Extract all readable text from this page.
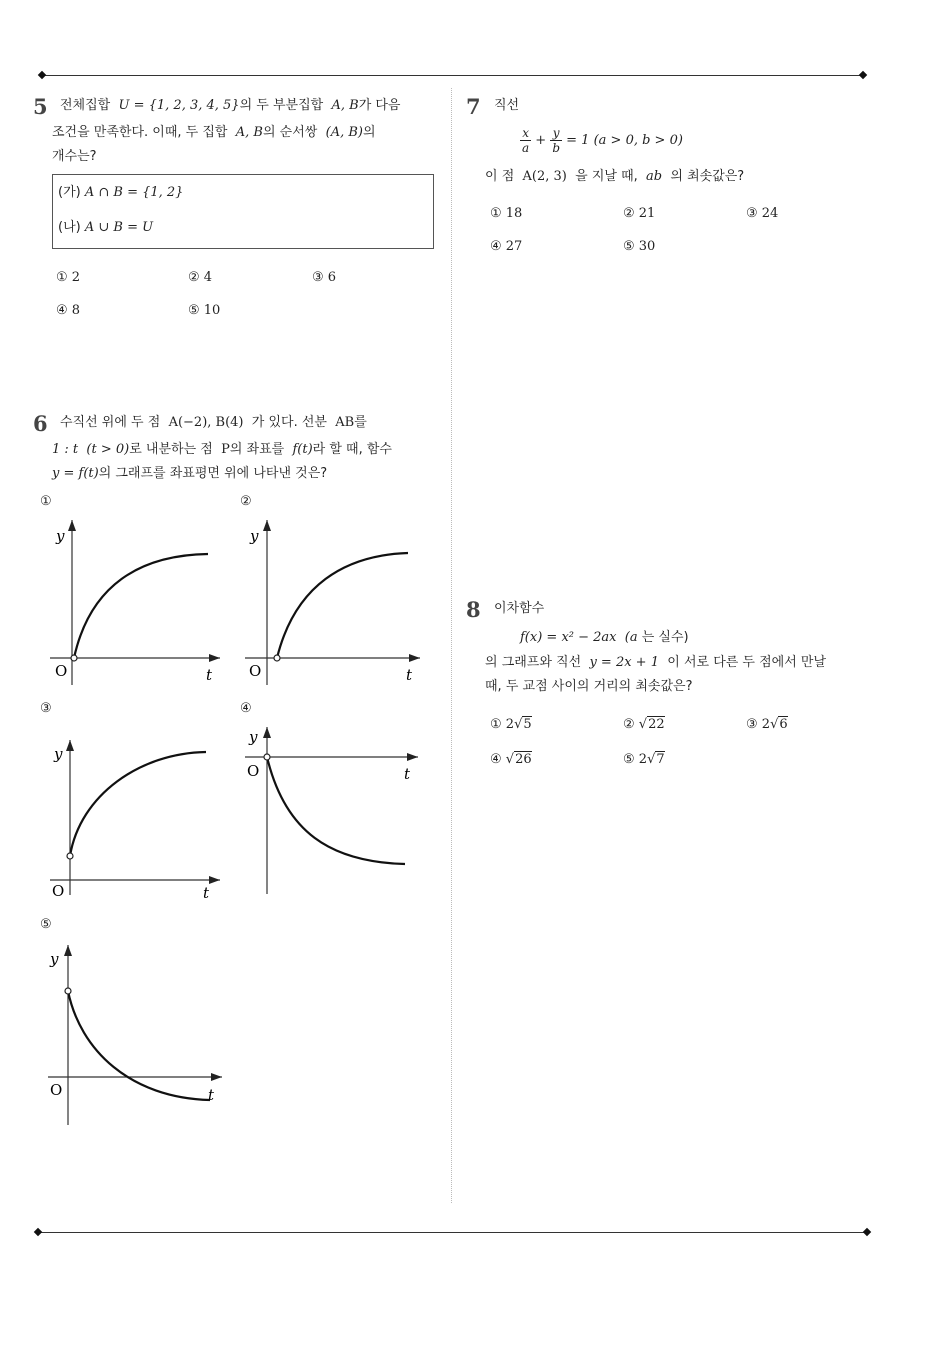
5 전체집합 U = {1, 2, 3, 4, 5}의 두 부분집합 A, B가 다음
조건을 만족한다. 이때, 두 집합 A, B의 순서쌍 (A, B)의
개수는?
(가) A ∩ B = {1, 2}
(나) A ∪ B = U
① 2	② 4	③ 6
④ 8	⑤ 10
6 수직선 위에 두 점 A(−2), B(4) 가 있다. 선분 AB를
1 : t (t > 0)로 내분하는 점 P의 좌표를 f(t)라 할 때, 함수
y = f(t)의 그래프를 좌표평면 위에 나타낸 것은?
①	②
③	④
⑤
y
t
O
y
t
O
y
t
O
y
t
O
y
t
O
7 직선
$\frac{x}{a} + \frac{y}{b} = 1$ (a > 0, b > 0)
이 점 A(2, 3) 을 지날 때, ab 의 최솟값은?
① 18	② 21	③ 24
④ 27	⑤ 30
8 이차함수
f(x) = x² − 2ax (a 는 실수)
의 그래프와 직선 y = 2x + 1 이 서로 다른 두 점에서 만날
때, 두 교점 사이의 거리의 최솟값은?
① 2√5	② √22	③ 2√6
④ √26	⑤ 2√7
